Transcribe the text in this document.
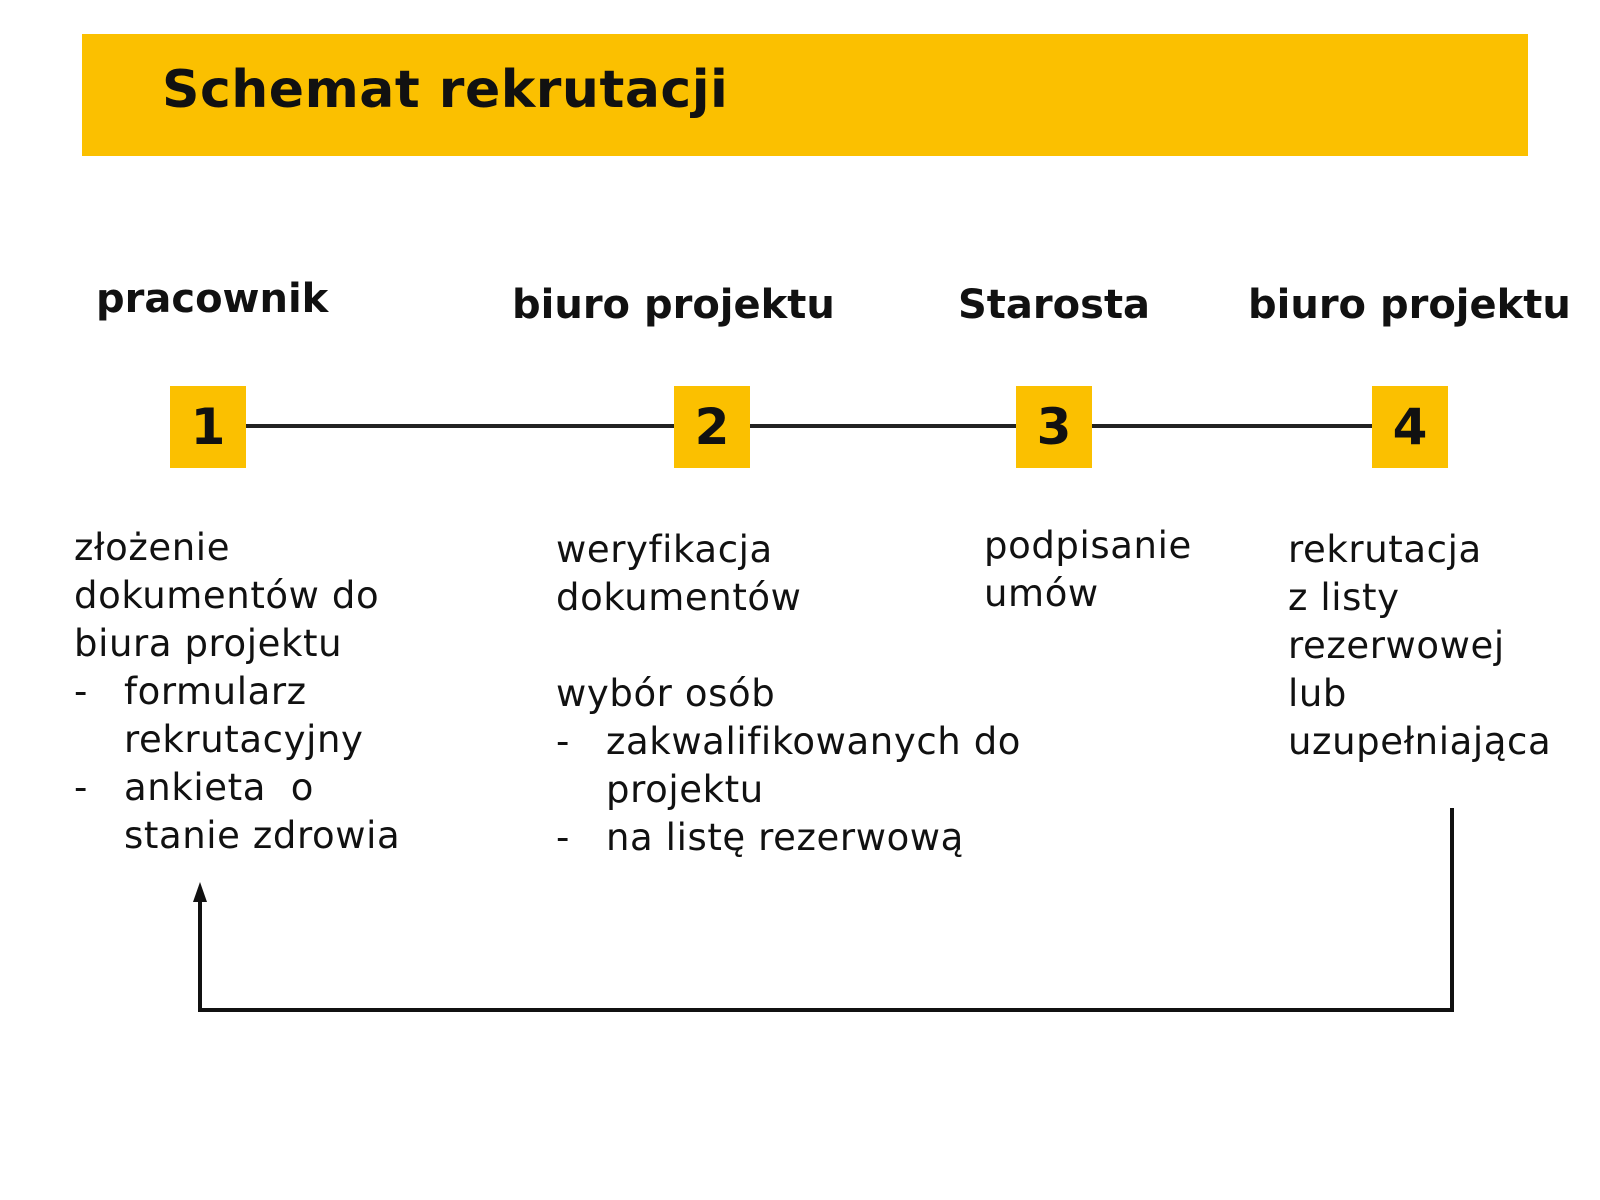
Schemat rekrutacji
pracownik	biuro projektu	Starosta biuro projektu
1	2	3	4

złożenie

dokumentów do

biura projektu

- formularz

rekrutacyjny

- ankieta  o

stanie zdrowia

weryfikacja

dokumentów

wybór osób

- zakwalifikowanych do

projektu

- na listę rezerwową

podpisanie

umów

rekrutacja

z listy

rezerwowej

lub

uzupełniająca
